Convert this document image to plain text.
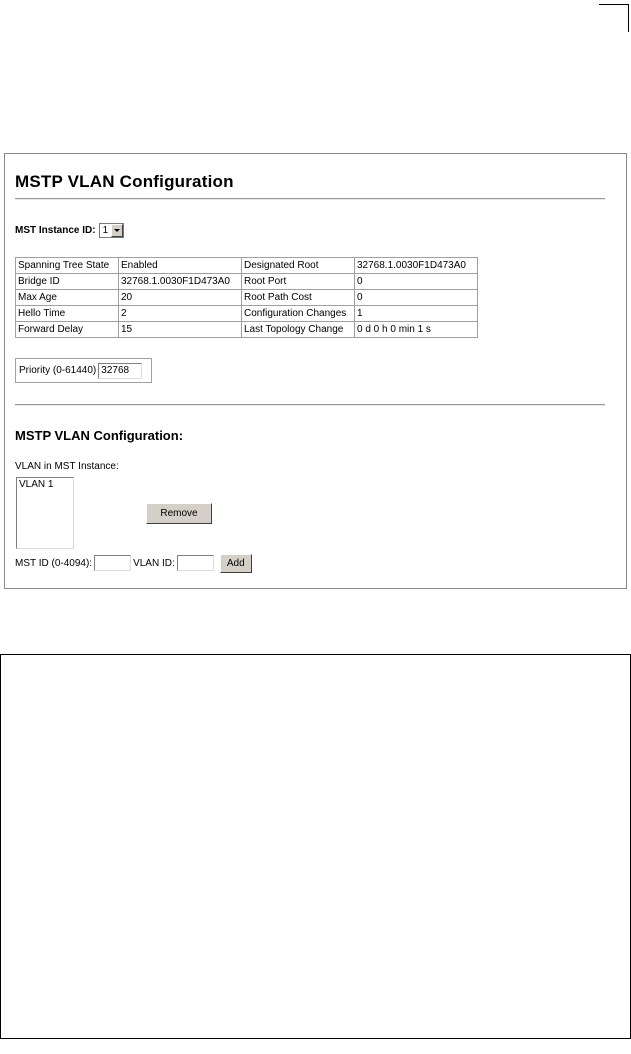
MSTP VLAN Configuration
MST Instance ID: 1
Spanning Tree State	Enabled	Designated Root	32768.1.0030F1D473A0
Bridge ID	32768.1.0030F1D473A0	Root Port	0
Max Age	20	Root Path Cost	0
Hello Time	2	Configuration Changes	1
Forward Delay	15	Last Topology Change	0 d 0 h 0 min 1 s
Priority (0-61440) 32768
MSTP VLAN Configuration:
VLAN in MST Instance:
VLAN 1
Remove
MST ID (0-4094):	VLAN ID:	Add
